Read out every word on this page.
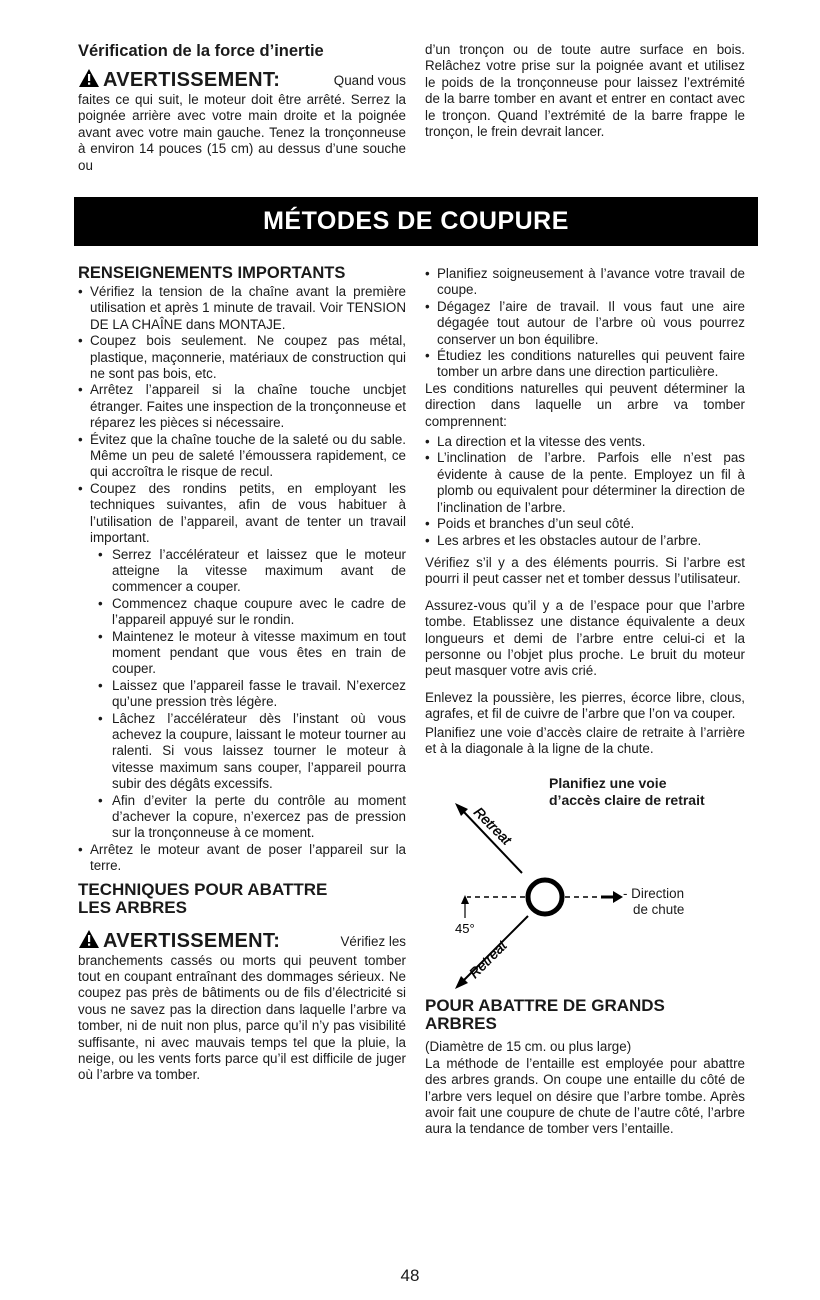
Vérification de la force d’inertie

AVERTISSEMENT:	Quand vous

faites ce qui suit, le moteur doit être arrêté. Serrez la poignée arrière avec votre main droite et la poignée avant avec votre main gauche. Tenez la tronçonneuse à environ 14 pouces (15 cm) au dessus d’une souche ou

d’un tronçon ou de toute autre surface en bois. Relâchez votre prise sur la poignée avant et utilisez le poids de la tronçonneuse pour laissez l’extrémité de la barre tomber en avant et entrer en contact avec le tronçon. Quand l’extrémité de la barre frappe le tronçon, le frein devrait lancer.

MÉTODES DE COUPURE

RENSEIGNEMENTS IMPORTANTS

• Vérifiez la tension de la chaîne avant la première utilisation et après 1 minute de travail. Voir TENSION DE LA CHAÎNE dans MONTAJE.
• Coupez bois seulement. Ne coupez pas métal, plastique, maçonnerie, matériaux de construction qui ne sont pas bois, etc.
• Arrêtez l’appareil si la chaîne touche uncbjet étranger. Faites une inspection de la tronçonneuse et réparez les pièces si nécessaire.
• Évitez que la chaîne touche de la saleté ou du sable. Même un peu de saleté l’émoussera rapidement, ce qui accroîtra le risque de recul.
• Coupez des rondins petits, en employant les techniques suivantes, afin de vous habituer à l’utilisation de l’appareil, avant de tenter un travail important.
• Serrez l’accélérateur et laissez que le moteur atteigne la vitesse maximum avant de commencer a couper.
• Commencez chaque coupure avec le cadre de l’appareil appuyé sur le rondin.
• Maintenez le moteur à vitesse maximum en tout moment pendant que vous êtes en train de couper.
• Laissez que l’appareil fasse le travail. N’exercez qu’une pression très légère.
• Lâchez l’accélérateur dès l’instant où vous achevez la coupure, laissant le moteur tourner au ralenti. Si vous laissez tourner le moteur à vitesse maximum sans couper, l’appareil pourra subir des dégâts excessifs.
• Afin d’eviter la perte du contrôle au moment d’achever la copure, n’exercez pas de pression sur la tronçonneuse à ce moment.
• Arrêtez le moteur avant de poser l’appareil sur la terre.

TECHNIQUES POUR ABATTRE

LES ARBRES

AVERTISSEMENT:	Vérifiez les

branchements cassés ou morts qui peuvent tomber tout en coupant entraînant des dommages sérieux. Ne coupez pas près de bâtiments ou de fils d’électricité si vous ne savez pas la direction dans laquelle l’arbre va tomber, ni de nuit non plus, parce qu’il n’y pas visibilité suffisante, ni avec mauvais temps tel que la pluie, la neige, ou les vents forts parce qu’il est difficile de juger où l’arbre va tomber.

• Planifiez soigneusement à l’avance votre travail de coupe.
• Dégagez l’aire de travail. Il vous faut une aire dégagée tout autour de l’arbre où vous pourrez conserver un bon équilibre.
• Étudiez les conditions naturelles qui peuvent faire tomber un arbre dans une direction particulière.

Les conditions naturelles qui peuvent déterminer la direction dans laquelle un arbre va tomber comprennent:

• La direction et la vitesse des vents.
• L’inclination de l’arbre. Parfois elle n’est pas évidente à cause de la pente. Employez un fil à plomb ou equivalent pour déterminer la direction de l’inclination de l’arbre.
• Poids et branches d’un seul côté.
• Les arbres et les obstacles autour de l’arbre.

Vérifiez s’il y a des éléments pourris. Si l’arbre est pourri il peut casser net et tomber dessus l’utilisateur.

Assurez-vous qu’il y a de l’espace pour que l’arbre tombe. Etablissez une distance équivalente a deux longueurs et demi de l’arbre entre celui-ci et la personne ou l’objet plus proche. Le bruit du moteur peut masquer votre avis crié.

Enlevez la poussière, les pierres, écorce libre, clous, agrafes, et fil de cuivre de l’arbre que l’on va couper.

Planifiez une voie d’accès claire de retraite à l’arrière et à la diagonale à la ligne de la chute.

Planifiez une voie
d’accès claire de retrait
Retreat
45°
Retreat
- Direction
de chute

POUR ABATTRE DE GRANDS

ARBRES

(Diamètre de 15 cm. ou plus large)

La méthode de l’entaille est employée pour abattre des arbres grands. On coupe une entaille du côté de l’arbre vers lequel on désire que l’arbre tombe. Après avoir fait une coupure de chute de l’autre côté, l’arbre aura la tendance de tomber vers l’entaille.

48
